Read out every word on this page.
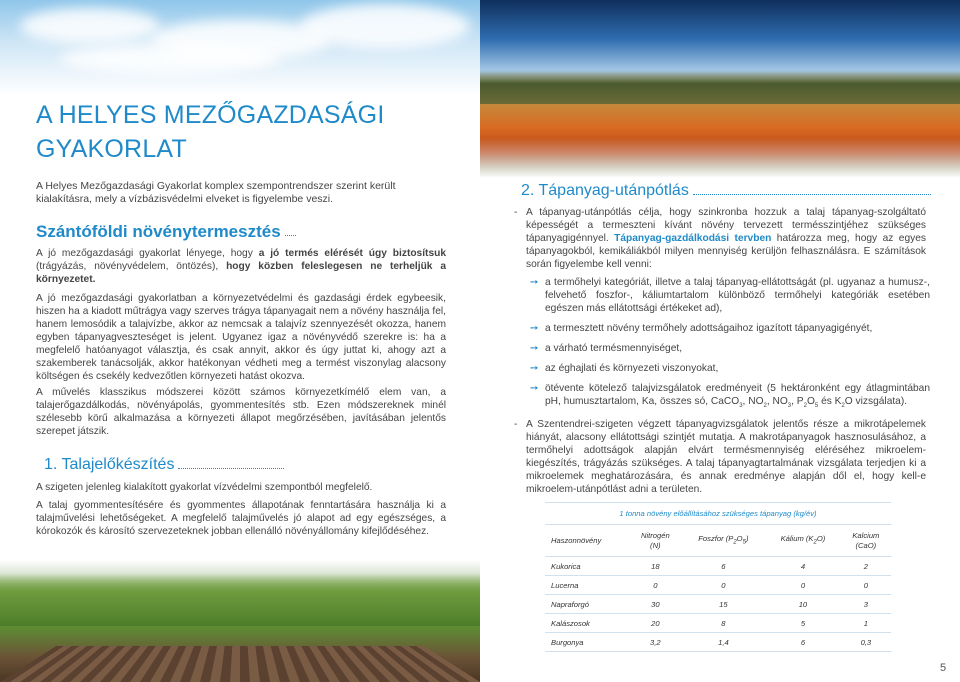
A HELYES MEZŐGAZDASÁGI GYAKORLAT

A Helyes Mezőgazdasági Gyakorlat komplex szempontrendszer szerint került kialakításra, mely a vízbázisvédelmi elveket is figyelembe veszi.

Szántóföldi növénytermesztés

A jó mezőgazdasági gyakorlat lényege, hogy a jó termés elérését úgy biztosítsuk (trágyázás, növényvédelem, öntözés), hogy közben feleslegesen ne terheljük a környezetet.

A jó mezőgazdasági gyakorlatban a környezetvédelmi és gazdasági érdek egybeesik, hiszen ha a kiadott műtrágya vagy szerves trágya tápanyagait nem a növény használja fel, hanem lemosódik a talajvízbe, akkor az nemcsak a talajvíz szennyezését okozza, hanem egyben tápanyagveszteséget is jelent. Ugyanez igaz a növényvédő szerekre is: ha a megfelelő hatóanyagot választja, és csak annyit, akkor és úgy juttat ki, ahogy azt a szakemberek tanácsolják, akkor hatékonyan védheti meg a termést viszonylag alacsony költségen és csekély kedvezőtlen környezeti hatást okozva.

A művelés klasszikus módszerei között számos környezetkímélő elem van, a talajerőgazdálkodás, növényápolás, gyommentesítés stb. Ezen módszereknek minél szélesebb körű alkalmazása a környezeti állapot megőrzésében, javításában jelentős szerepet játszik.

1. Talajelőkészítés

A szigeten jelenleg kialakított gyakorlat vízvédelmi szempontból megfelelő.

A talaj gyommentesítésére és gyommentes állapotának fenntartására használja ki a talajművelési lehetőségeket. A megfelelő talajművelés jó alapot ad egy egészséges, a kórokozók és károsító szervezeteknek jobban ellenálló növényállomány kifejlődéséhez.

2. Tápanyag-utánpótlás
- A tápanyag-utánpótlás célja, hogy szinkronba hozzuk a talaj tápanyag-szolgáltató képességét a termeszteni kívánt növény tervezett termésszintjéhez szükséges tápanyagigénnyel. Tápanyag-gazdálkodási tervben határozza meg, hogy az egyes tápanyagokból, kemikáliákból milyen mennyiség kerüljön felhasználásra. E számítások során figyelembe kell venni:
➙ a termőhelyi kategóriát, illetve a talaj tápanyag-ellátottságát (pl. ugyanaz a humusz-, felvehető foszfor-, káliumtartalom különböző termőhelyi kategóriák esetében egészen más ellátottsági értékeket ad),
➙ a termesztett növény termőhely adottságaihoz igazított tápanyagigényét,
➙ a várható termésmennyiséget,
➙ az éghajlati és környezeti viszonyokat,
➙ ötévente kötelező talajvizsgálatok eredményeit (5 hektáronként egy átlagmintában pH, humusztartalom, Ka, összes só, CaCO$_3$, $NO_2$, $NO_3$, $P_2O_5$ és $K_2O$ vizsgálata).
- A Szentendrei-szigeten végzett tápanyagvizsgálatok jelentős része a mikrotápelemek hiányát, alacsony ellátottsági szintjét mutatja. A makrotápanyagok hasznosulásához, a termőhelyi adottságok alapján elvárt termésmennyiség eléréséhez mikroelem-kiegészítés, trágyázás szükséges. A talaj tápanyagtartalmának vizsgálata terjedjen ki a mikroelemek meghatározására, és annak eredménye alapján dől el, hogy kell-e mikroelem-utánpótlást adni a területen.
1 tonna növény előállításához szükséges tápanyag (kg/év)				
Haszonnövény	Nitrogén
(N)	Foszfor $(P_2O_5)$	Kálium $(K_2O)$	Kalcium
(CaO)
Kukorica	18	6	4	2
Lucerna	0	0	0	0
Napraforgó	30	15	10	3
Kalászosok	20	8	5	1
Burgonya	3,2	1,4	6	0,3
5
